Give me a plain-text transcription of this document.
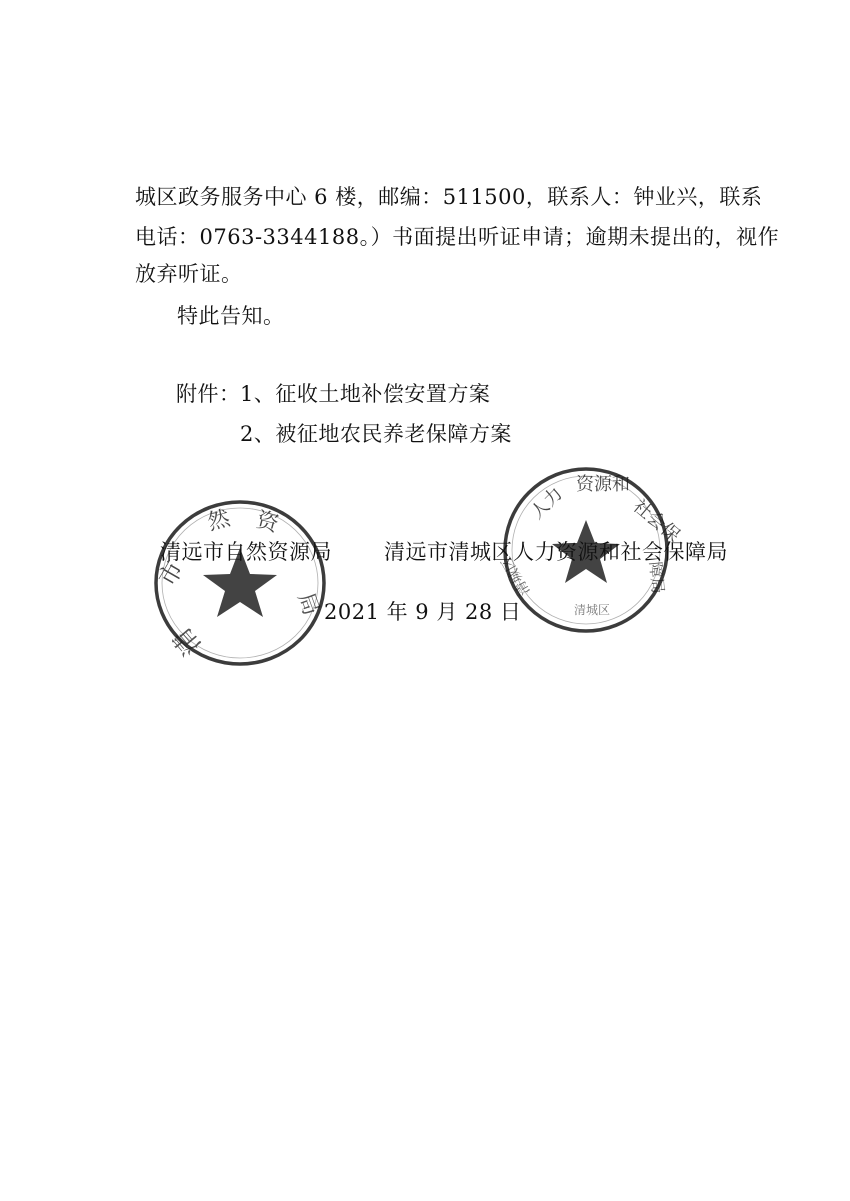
城区政务服务中心 6 楼，邮编：511500，联系人：钟业兴，联系
电话：0763-3344188。）书面提出听证申请；逾期未提出的，视作
放弃听证。
特此告知。
附件： 1、征收土地补偿安置方案
2、被征地农民养老保障方案
市
然 资
局
清
人力 资源和
社会保
障局
清城区
清城区
清远市自然资源局 清远市清城区人力资源和社会保障局
2021 年 9 月 28 日
